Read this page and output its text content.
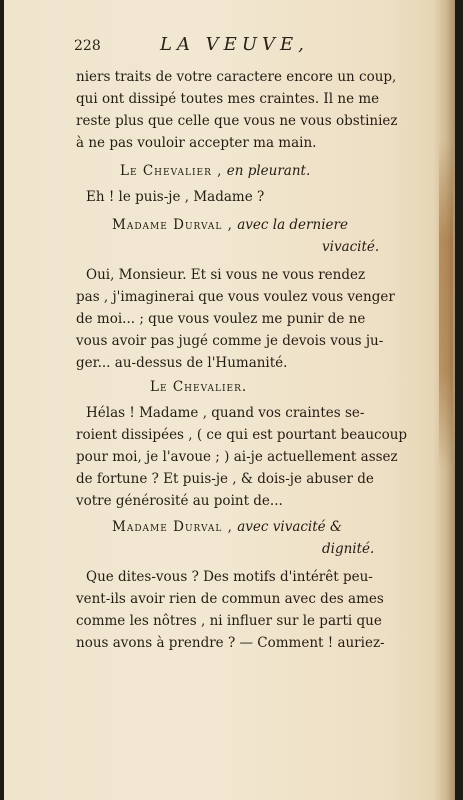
228	LA VEUVE,
niers traits de votre caractere encore un coup,
qui ont dissipé toutes mes craintes. Il ne me
reste plus que celle que vous ne vous obstiniez
à ne pas vouloir accepter ma main.
Le Chevalier , en pleurant.
Eh ! le puis-je , Madame ?
Madame Durval , avec la derniere
vivacité.
Oui, Monsieur. Et si vous ne vous rendez
pas , j'imaginerai que vous voulez vous venger
de moi... ; que vous voulez me punir de ne
vous avoir pas jugé comme je devois vous ju-
ger... au-dessus de l'Humanité.
Le Chevalier.
Hélas ! Madame , quand vos craintes se-
roient dissipées , ( ce qui est pourtant beaucoup
pour moi, je l'avoue ; ) ai-je actuellement assez
de fortune ? Et puis-je , & dois-je abuser de
votre générosité au point de...
Madame Durval , avec vivacité &
dignité.
Que dites-vous ? Des motifs d'intérêt peu-
vent-ils avoir rien de commun avec des ames
comme les nôtres , ni influer sur le parti que
nous avons à prendre ? — Comment ! auriez-
